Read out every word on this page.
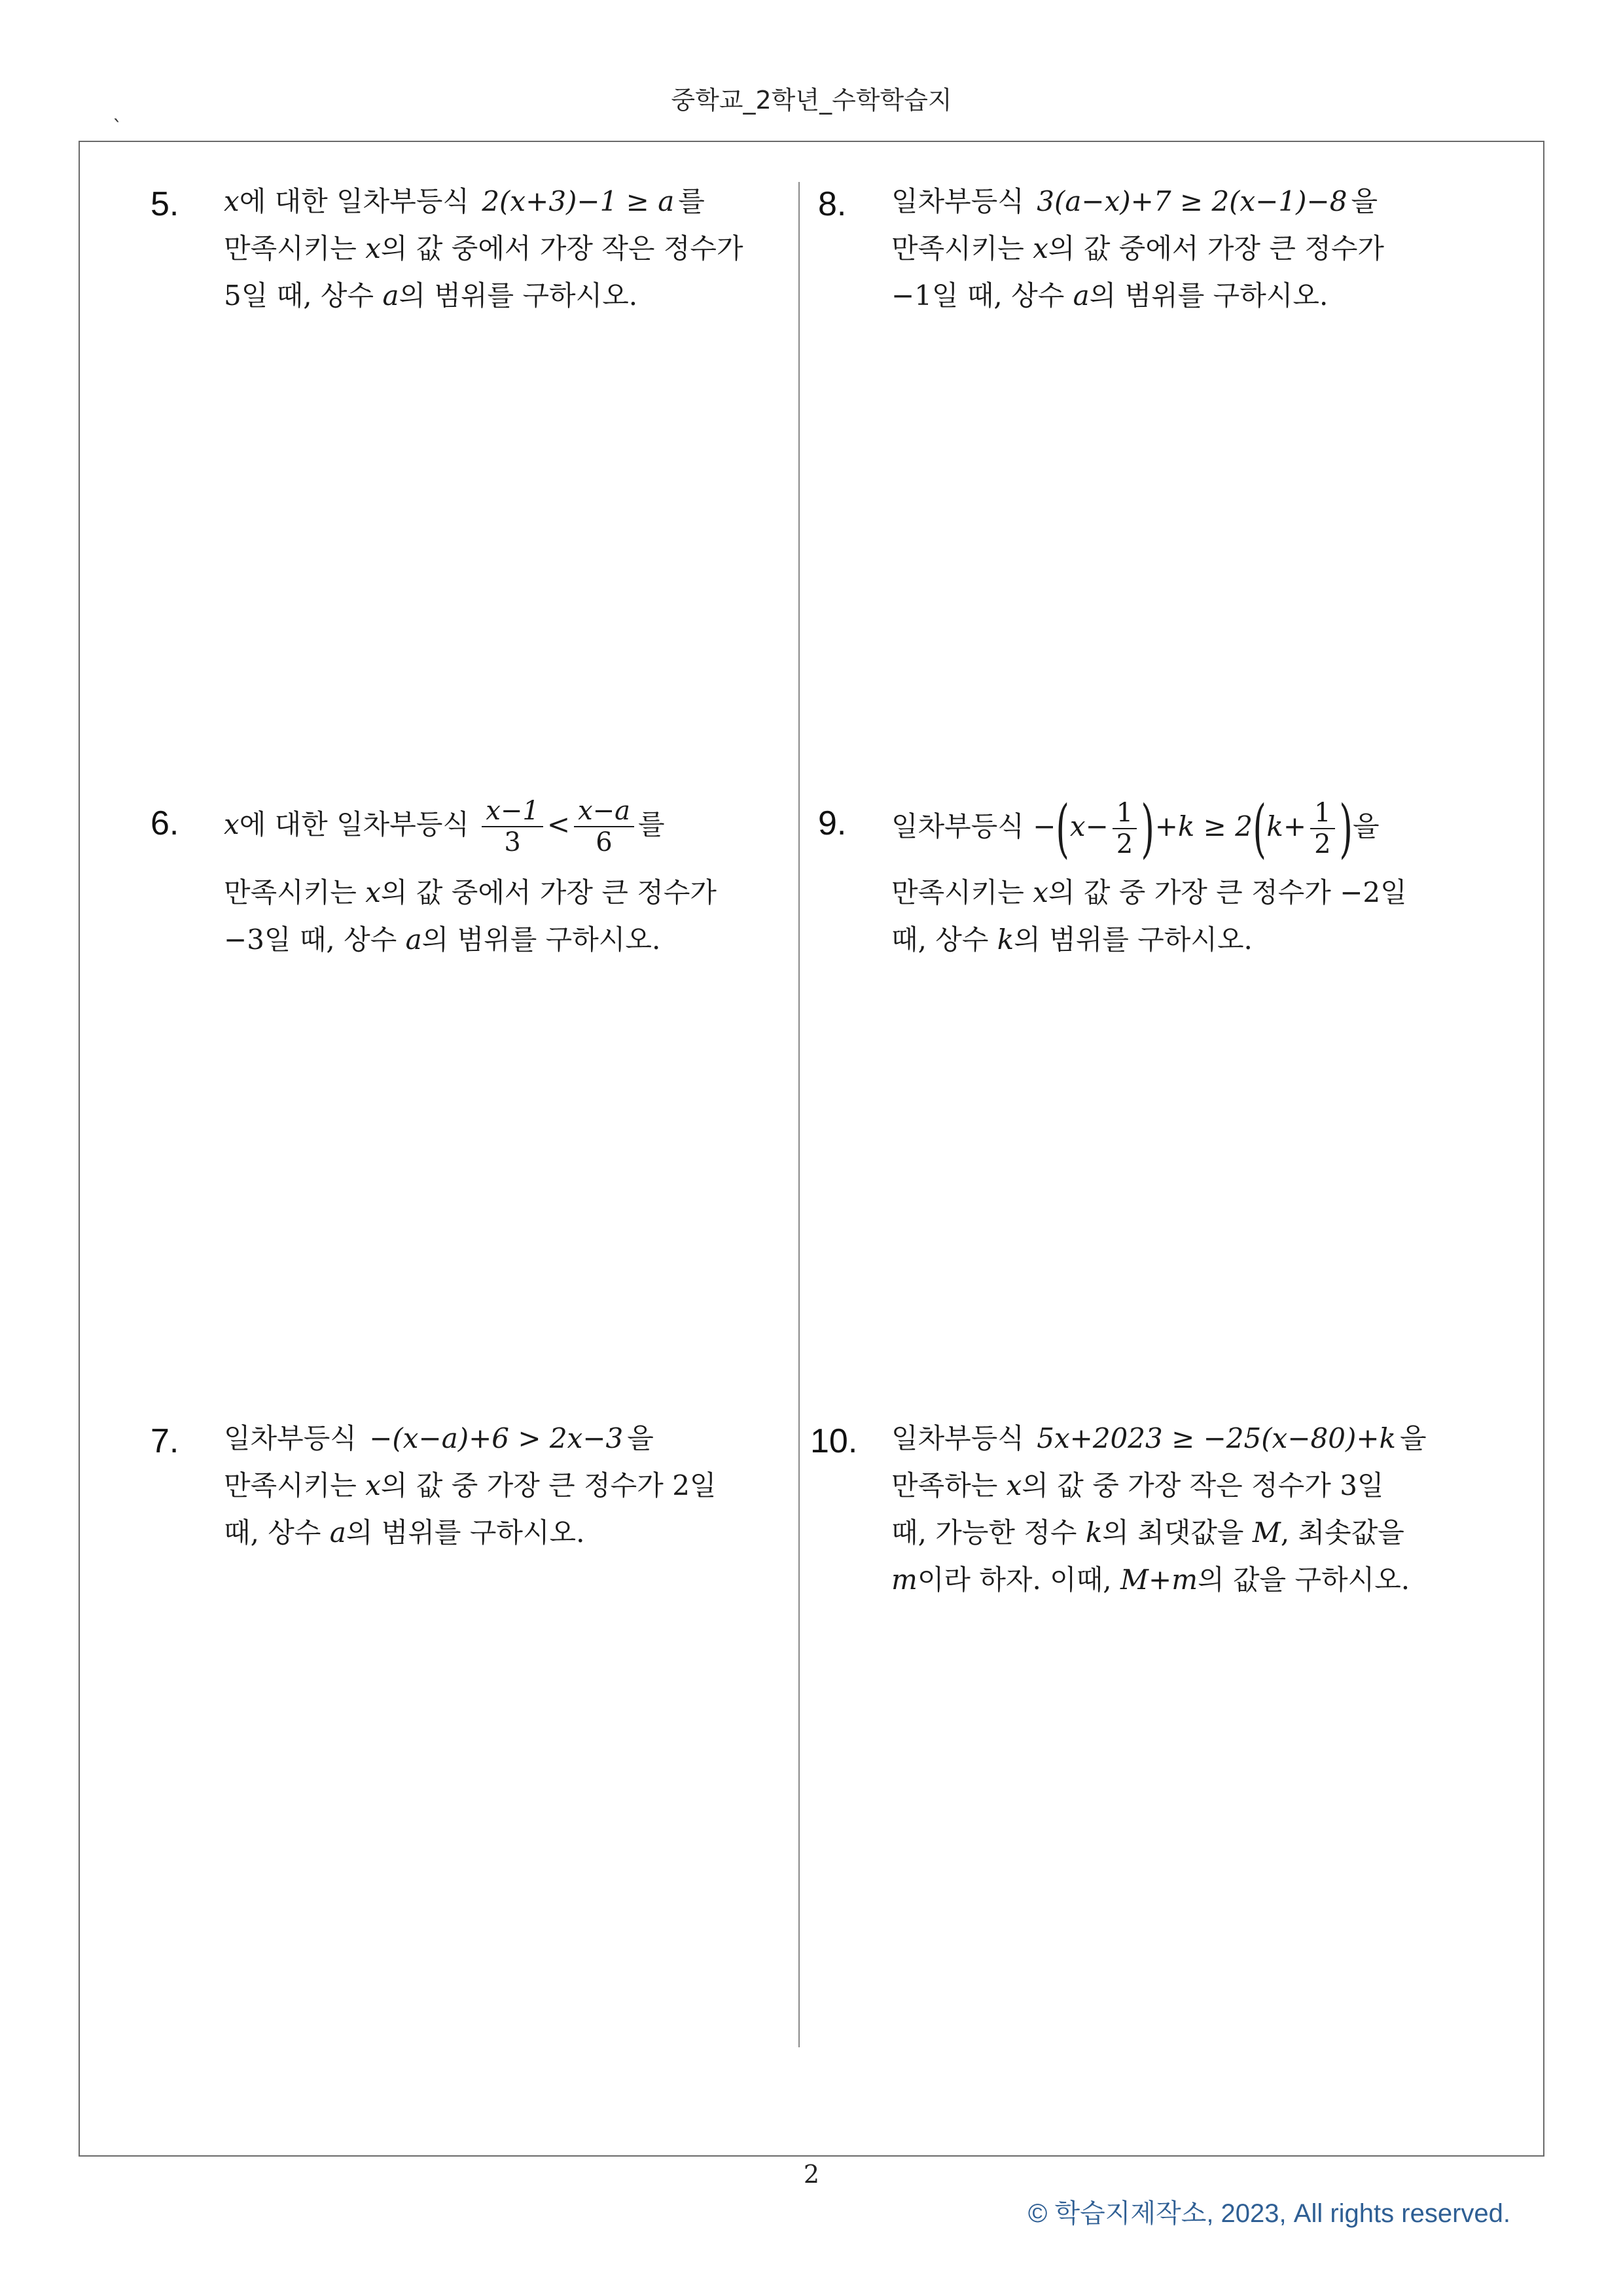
중학교_2학년_수학학습지
`
5. x에 대한 일차부등식 2(x+3)−1 ≥ a 를
만족시키는 x의 값 중에서 가장 작은 정수가
5일 때, 상수 a의 범위를 구하시오.
6. x에 대한 일차부등식 $\frac{x-1}{3} < \frac{x-a}{6}$ 를
만족시키는 x의 값 중에서 가장 큰 정수가
−3일 때, 상수 a의 범위를 구하시오.
7. 일차부등식 −(x−a)+6 > 2x−3 을
만족시키는 x의 값 중 가장 큰 정수가 2일
때, 상수 a의 범위를 구하시오.
8. 일차부등식 3(a−x)+7 ≥ 2(x−1)−8 을
만족시키는 x의 값 중에서 가장 큰 정수가
−1일 때, 상수 a의 범위를 구하시오.
9. 일차부등식 $-(x- \frac{1}{2} )+k \ge 2(k+ \frac{1}{2}$ )을
만족시키는 x의 값 중 가장 큰 정수가 −2일
때, 상수 k의 범위를 구하시오.
10. 일차부등식 5x+2023 ≥ −25(x−80)+k 을
만족하는 x의 값 중 가장 작은 정수가 3일
때, 가능한 정수 k의 최댓값을 M, 최솟값을
m이라 하자. 이때, M+m의 값을 구하시오.
2
© 학습지제작소, 2023, All rights reserved.
